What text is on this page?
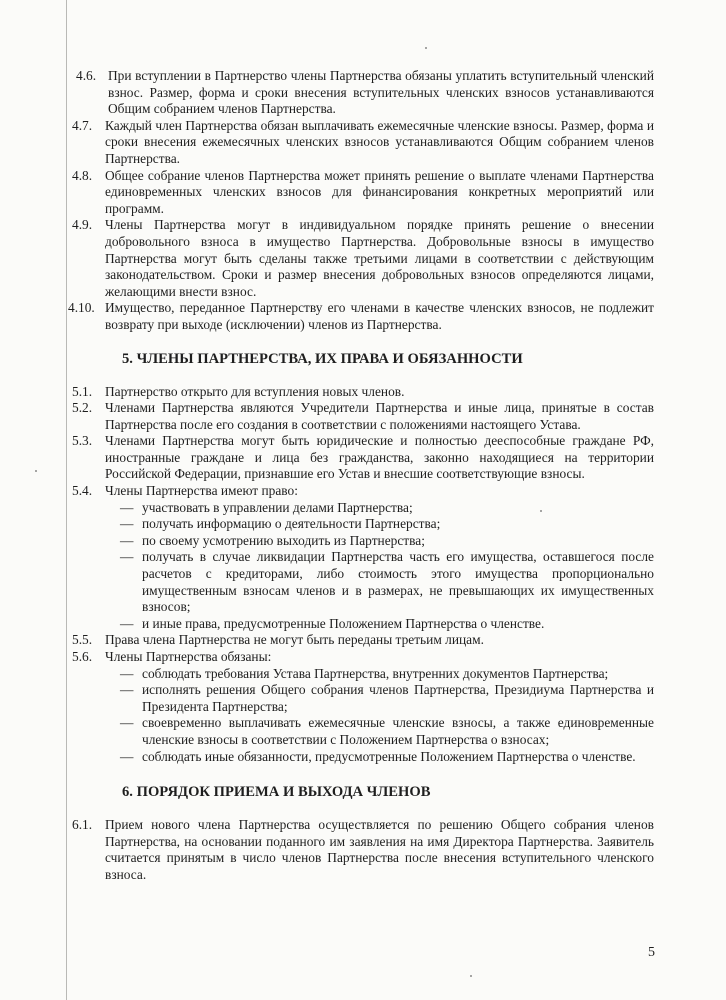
4.6. При вступлении в Партнерство члены Партнерства обязаны уплатить вступительный членский взнос. Размер, форма и сроки внесения вступительных членских взносов устанавливаются Общим собранием членов Партнерства.
4.7. Каждый член Партнерства обязан выплачивать ежемесячные членские взносы. Размер, форма и сроки внесения ежемесячных членских взносов устанавливаются Общим собранием членов Партнерства.
4.8. Общее собрание членов Партнерства может принять решение о выплате членами Партнерства единовременных членских взносов для финансирования конкретных мероприятий или программ.
4.9. Члены Партнерства могут в индивидуальном порядке принять решение о внесении добровольного взноса в имущество Партнерства. Добровольные взносы в имущество Партнерства могут быть сделаны также третьими лицами в соответствии с действующим законодательством. Сроки и размер внесения добровольных взносов определяются лицами, желающими внести взнос.
4.10. Имущество, переданное Партнерству его членами в качестве членских взносов, не подлежит возврату при выходе (исключении) членов из Партнерства.
5. ЧЛЕНЫ ПАРТНЕРСТВА, ИХ ПРАВА И ОБЯЗАННОСТИ
5.1. Партнерство открыто для вступления новых членов.
5.2. Членами Партнерства являются Учредители Партнерства и иные лица, принятые в состав Партнерства после его создания в соответствии с положениями настоящего Устава.
5.3. Членами Партнерства могут быть юридические и полностью дееспособные граждане РФ, иностранные граждане и лица без гражданства, законно находящиеся на территории Российской Федерации, признавшие его Устав и внесшие соответствующие взносы.
5.4. Члены Партнерства имеют право:
— участвовать в управлении делами Партнерства;
— получать информацию о деятельности Партнерства;
— по своему усмотрению выходить из Партнерства;
— получать в случае ликвидации Партнерства часть его имущества, оставшегося после расчетов с кредиторами, либо стоимость этого имущества пропорционально имущественным взносам членов и в размерах, не превышающих их имущественных взносов;
— и иные права, предусмотренные Положением Партнерства о членстве.
5.5. Права члена Партнерства не могут быть переданы третьим лицам.
5.6. Члены Партнерства обязаны:
— соблюдать требования Устава Партнерства, внутренних документов Партнерства;
— исполнять решения Общего собрания членов Партнерства, Президиума Партнерства и Президента Партнерства;
— своевременно выплачивать ежемесячные членские взносы, а также единовременные членские взносы в соответствии с Положением Партнерства о взносах;
— соблюдать иные обязанности, предусмотренные Положением Партнерства о членстве.
6. ПОРЯДОК ПРИЕМА И ВЫХОДА ЧЛЕНОВ
6.1. Прием нового члена Партнерства осуществляется по решению Общего собрания членов Партнерства, на основании поданного им заявления на имя Директора Партнерства. Заявитель считается принятым в число членов Партнерства после внесения вступительного членского взноса.
5
